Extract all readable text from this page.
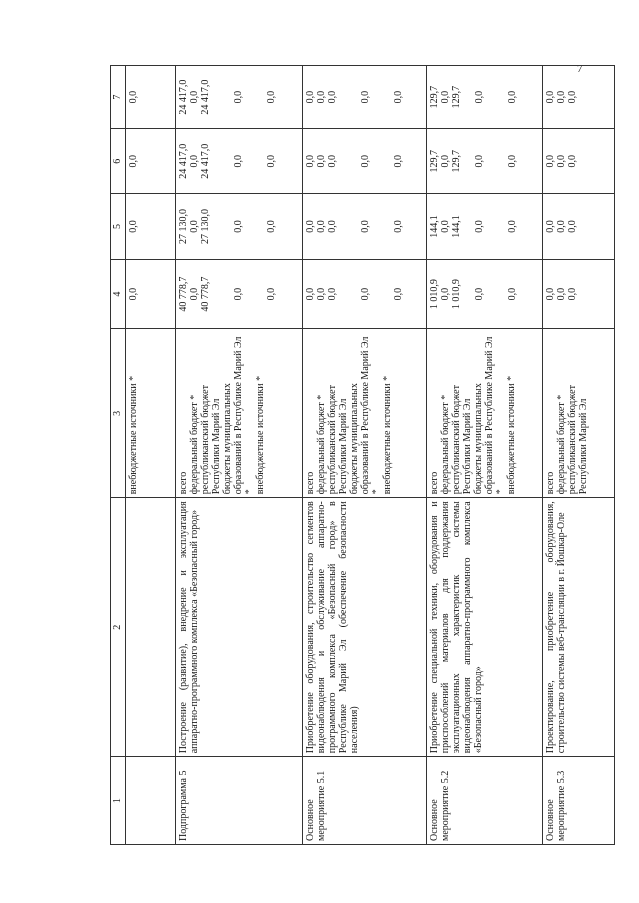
7
1	2	3	4	5	6	7
		внебюджетные источники *	0,0	0,0	0,0	0,0
Подпрограмма 5	Построение (развитие), внедрение и эксплуатация аппаратно-программного комплекса «Безопасный город»	всего федеральный бюджет * республиканский бюджет Республики Марий Эл бюджеты муниципальных образований в Республике Марий Эл * внебюджетные источники *	40 778,7 0,0 40 778,7 0,0 0,0	27 130,0 0,0 27 130,0 0,0 0,0	24 417,0 0,0 24 417,0 0,0 0,0	24 417,0 0,0 24 417,0 0,0 0,0

Основное мероприятие 5.1	Приобретение оборудования, строительство сегментов видеонаблюдения и обслуживание аппаратно-программного комплекса «Безопасный город» в Республике Марий Эл (обеспечение безопасности населения)	всего федеральный бюджет * республиканский бюджет Республики Марий Эл бюджеты муниципальных образований в Республике Марий Эл * внебюджетные источники *	0,0 0,0 0,0 0,0 0,0	0,0 0,0 0,0 0,0 0,0	0,0 0,0 0,0 0,0 0,0	0,0 0,0 0,0 0,0 0,0

Основное мероприятие 5.2	Приобретение специальной техники, оборудования и приспособлений материалов для поддержания эксплуатационных характеристик системы видеонаблюдения аппаратно-программного комплекса «Безопасный город»	всего федеральный бюджет * республиканский бюджет Республики Марий Эл бюджеты муниципальных образований в Республике Марий Эл * внебюджетные источники *	1 010,9 0,0 1 010,9 0,0 0,0	144,1 0,0 144,1 0,0 0,0	129,7 0,0 129,7 0,0 0,0	129,7 0,0 129,7 0,0 0,0

Основное мероприятие 5.3	Проектирование, приобретение оборудования, строительство системы веб-трансляции в г. Йошкар-Оле	всего федеральный бюджет * республиканский бюджет Республики Марий Эл	0,0 0,0 0,0	0,0 0,0 0,0	0,0 0,0 0,0	0,0 0,0 0,0
